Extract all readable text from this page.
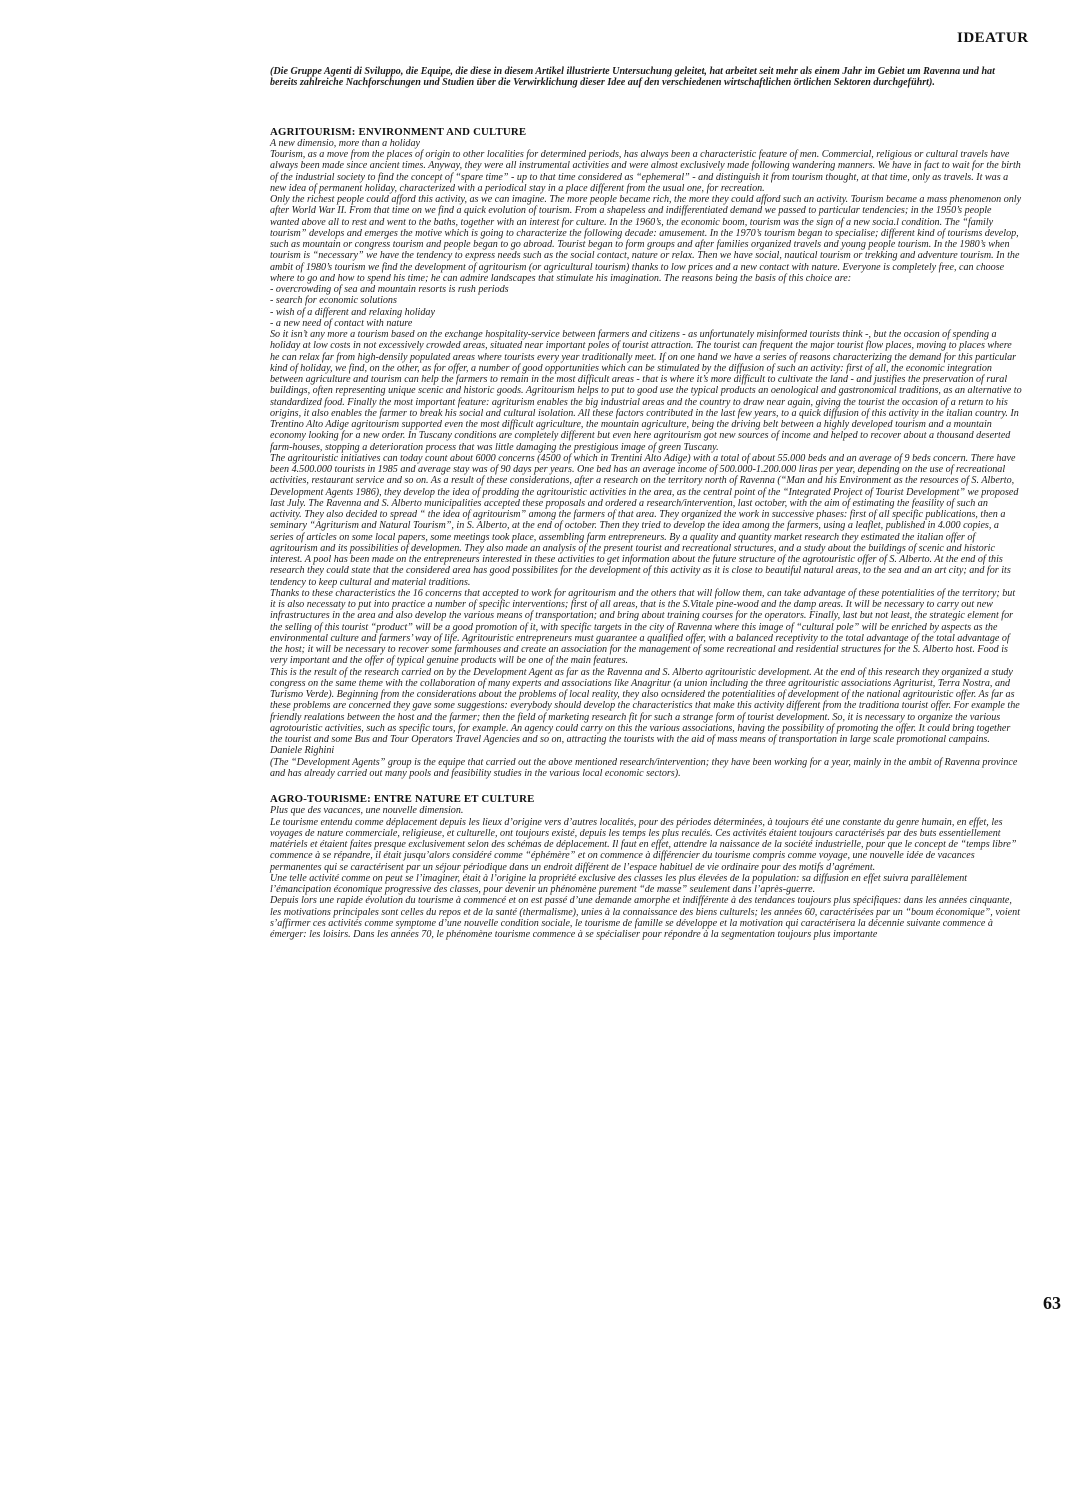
IDEATUR

(Die Gruppe Agenti di Sviluppo, die Equipe, die diese in diesem Artikel illustrierte Untersuchung geleitet, hat arbeitet seit mehr als einem Jahr im Gebiet um Ravenna und hat bereits zahlreiche Nachforschungen und Studien über die Verwirklichung dieser Idee auf den verschiedenen wirtschaftlichen örtlichen Sektoren durchgeführt).

AGRITOURISM: ENVIRONMENT AND CULTURE

A new dimensio, more than a holiday

Tourism, as a move from the places of origin to other localities for determined periods, has always been a characteristic feature of men. Commercial, religious or cultural travels have always been made since ancient times. Anyway, they were all instrumental activities and were almost exclusively made following wandering manners. We have in fact to wait for the birth of the industrial society to find the concept of “spare time” - up to that time considered as “ephemeral” - and distinguish it from tourism thought, at that time, only as travels. It was a new idea of permanent holiday, characterized with a periodical stay in a place different from the usual one, for recreation.

Only the richest people could afford this activity, as we can imagine. The more people became rich, the more they could afford such an activity. Tourism became a mass phenomenon only after World War II. From that time on we find a quick evolution of tourism. From a shapeless and indifferentiated demand we passed to particular tendencies; in the 1950’s people wanted above all to rest and went to the baths, together with an interest for culture. In the 1960’s, the economic boom, tourism was the sign of a new socia.l condition. The “family tourism” develops and emerges the motive which is going to characterize the following decade: amusement. In the 1970’s tourism began to specialise; different kind of tourisms develop, such as mountain or congress tourism and people began to go abroad. Tourist began to form groups and after families organized travels and young people tourism. In the 1980’s when tourism is “necessary” we have the tendency to express needs such as the social contact, nature or relax. Then we have social, nautical tourism or trekking and adventure tourism. In the ambit of 1980’s tourism we find the development of agritourism (or agricultural tourism) thanks to low prices and a new contact with nature. Everyone is completely free, can choose where to go and how to spend his time; he can admire landscapes that stimulate his imagination. The reasons being the basis of this choice are:

- overcrowding of sea and mountain resorts is rush periods
- search for economic solutions
- wish of a different and relaxing holiday
- a new need of contact with nature

So it isn’t any more a tourism based on the exchange hospitality-service between farmers and citizens - as unfortunately misinformed tourists think -, but the occasion of spending a holiday at low costs in not excessively crowded areas, situated near important poles of tourist attraction. The tourist can frequent the major tourist flow places, moving to places where he can relax far from high-densily populated areas where tourists every year traditionally meet. If on one hand we have a series of reasons characterizing the demand for this particular kind of holiday, we find, on the other, as for offer, a number of good opportunities which can be stimulated by the diffusion of such an activity: first of all, the economic integration between agriculture and tourism can help the farmers to remain in the most difficult areas - that is where it’s more difficult to cultivate the land - and justifies the preservation of rural buildings, often representing unique scenic and historic goods. Agritourism helps to put to good use the typical products an oenological and gastronomical traditions, as an alternative to standardized food. Finally the most important feature: agriturism enables the big industrial areas and the country to draw near again, giving the tourist the occasion of a return to his origins, it also enables the farmer to break his social and cultural isolation. All these factors contributed in the last few years, to a quick diffusion of this activity in the italian country. In Trentino Alto Adige agritourism supported even the most difficult agriculture, the mountain agriculture, being the driving belt between a highly developed tourism and a mountain economy looking for a new order. In Tuscany conditions are completely different but even here agritourism got new sources of income and helped to recover about a thousand deserted farm-houses, stopping a deterioration process that was little damaging the prestigious image of green Tuscany.

The agritouristic initiatives can today count about 6000 concerns (4500 of which in Trentini Alto Adige) with a total of about 55.000 beds and an average of 9 beds concern. There have been 4.500.000 tourists in 1985 and average stay was of 90 days per years. One bed has an average income of 500.000-1.200.000 liras per year, depending on the use of recreational activities, restaurant service and so on. As a result of these considerations, after a research on the territory north of Ravenna (“Man and his Environment as the resources of S. Alberto, Development Agents 1986), they develop the idea of prodding the agritouristic activities in the area, as the central point of the “Integrated Project of Tourist Development” we proposed last July. The Ravenna and S. Alberto municipalities accepted these proposals and ordered a research/intervention, last october, with the aim of estimating the feasility of such an activity. They also decided to spread “ the idea of agritourism” among the farmers of that area. They organized the work in successive phases: first of all specific publications, then a seminary “Agriturism and Natural Tourism”, in S. Alberto, at the end of october. Then they tried to develop the idea among the farmers, using a leaflet, published in 4.000 copies, a series of articles on some local papers, some meetings took place, assembling farm entrepreneurs. By a quality and quantity market research they estimated the italian offer of agritourism and its possibilities of developmen. They also made an analysis of the present tourist and recreational structures, and a study about the buildings of scenic and historic interest. A pool has been made on the entrepreneurs interested in these activities to get information about the future structure of the agrotouristic offer of S. Alberto. At the end of this research they could state that the considered area has good possibilites for the development of this activity as it is close to beautiful natural areas, to the sea and an art city; and for its tendency to keep cultural and material traditions.

Thanks to these characteristics the 16 concerns that accepted to work for agritourism and the others that will follow them, can take advantage of these potentialities of the territory; but it is also necessaty to put into practice a number of specific interventions; first of all areas, that is the S.Vitale pine-wood and the damp areas. It will be necessary to carry out new infrastructures in the area and also develop the various means of transportation; and bring about training courses for the operators. Finally, last but not least, the strategic element for the selling of this tourist “product” will be a good promotion of it, with specific targets in the city of Ravenna where this image of “cultural pole” will be enriched by aspects as the environmental culture and farmers’ way of life. Agritouristic entrepreneurs must guarantee a qualified offer, with a balanced receptivity to the total advantage of the total advantage of the host; it will be necessary to recover some farmhouses and create an association for the management of some recreational and residential structures for the S. Alberto host. Food is very important and the offer of typical genuine products will be one of the main features.

This is the result of the research carried on by the Development Agent as far as the Ravenna and S. Alberto agritouristic development. At the end of this research they organized a study congress on the same theme with the collaboration of many experts and associations like Anagritur (a union including the three agritouristic associations Agriturist, Terra Nostra, and Turismo Verde). Beginning from the considerations about the problems of local reality, they also ocnsidered the potentialities of development of the national agritouristic offer. As far as these problems are concerned they gave some suggestions: everybody should develop the characteristics that make this activity different from the traditiona tourist offer. For example the friendly realations between the host and the farmer; then the field of marketing research fit for such a strange form of tourist development. So, it is necessary to organize the various agrotouristic activities, such as specific tours, for example. An agency could carry on this the various associations, having the possibility of promoting the offer. It could bring together the tourist and some Bus and Tour Operators Travel Agencies and so on, attracting the tourists with the aid of mass means of transportation in large scale promotional campains.

Daniele Righini

(The “Development Agents” group is the equipe that carried out the above mentioned research/intervention; they have been working for a year, mainly in the ambit of Ravenna province and has already carried out many pools and feasibility studies in the various local economic sectors).

AGRO-TOURISME: ENTRE NATURE ET CULTURE

Plus que des vacances, une nouvelle dimension.

Le tourisme entendu comme déplacement depuis les lieux d’origine vers d’autres localités, pour des périodes déterminées, à toujours été une constante du genre humain, en effet, les voyages de nature commerciale, religieuse, et culturelle, ont toujours existé, depuis les temps les plus reculés. Ces activités étaient toujours caractérisés par des buts essentiellement matériels et étaient faites presque exclusivement selon des schémas de déplacement. Il faut en effet, attendre la naissance de la société industrielle, pour que le concept de “temps libre” commence à se répandre, il était jusqu’alors considéré comme “éphémère” et on commence à différencier du tourisme compris comme voyage, une nouvelle idée de vacances permanentes qui se caractérisent par un séjour périodique dans un endroit différent de l’espace habituel de vie ordinaire pour des motifs d’agrément.

Une telle activité comme on peut se l’imaginer, était à l’origine la propriété exclusive des classes les plus élevées de la population: sa diffusion en effet suivra parallèlement l’émancipation économique progressive des classes, pour devenir un phénomène purement “de masse” seulement dans l’après-guerre.

Depuis lors une rapide évolution du tourisme à commencé et on est passé d’une demande amorphe et indifférente à des tendances toujours plus spécifiques: dans les années cinquante, les motivations principales sont celles du repos et de la santé (thermalisme), unies à la connaissance des biens culturels; les années 60, caractérisées par un “boum économique”, voient s’affirmer ces activités comme symptome d’une nouvelle condition sociale, le tourisme de famille se développe et la motivation qui caractérisera la décennie suivante commence à émerger: les loisirs. Dans les années 70, le phénomène tourisme commence à se spécialiser pour répondre à la segmentation toujours plus importante

63
